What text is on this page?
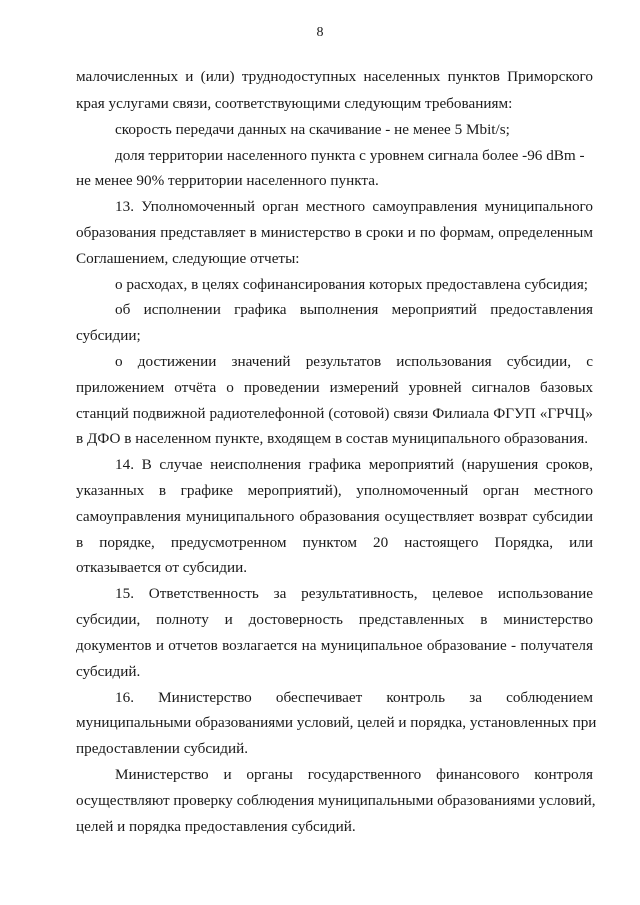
8
малочисленных и (или) труднодоступных населенных пунктов Приморского
края услугами связи, соответствующими следующим требованиям:
скорость передачи данных на скачивание - не менее 5 Mbit/s;
доля территории населенного пункта с уровнем сигнала более -96 dBm -
не менее 90% территории населенного пункта.
13. Уполномоченный орган местного самоуправления муниципального
образования представляет в министерство в сроки и по формам, определенным
Соглашением, следующие отчеты:
о расходах, в целях софинансирования которых предоставлена субсидия;
об исполнении графика выполнения мероприятий предоставления
субсидии;
о достижении значений результатов использования субсидии, с
приложением отчёта о проведении измерений уровней сигналов базовых
станций подвижной радиотелефонной (сотовой) связи Филиала ФГУП «ГРЧЦ»
в ДФО в населенном пункте, входящем в состав муниципального образования.
14. В случае неисполнения графика мероприятий (нарушения сроков,
указанных в графике мероприятий), уполномоченный орган местного
самоуправления муниципального образования осуществляет возврат субсидии
в порядке, предусмотренном пунктом 20 настоящего Порядка, или
отказывается от субсидии.
15. Ответственность за результативность, целевое использование
субсидии, полноту и достоверность представленных в министерство
документов и отчетов возлагается на муниципальное образование - получателя
субсидий.
16. Министерство обеспечивает контроль за соблюдением
муниципальными образованиями условий, целей и порядка, установленных при
предоставлении субсидий.
Министерство и органы государственного финансового контроля
осуществляют проверку соблюдения муниципальными образованиями условий,
целей и порядка предоставления субсидий.
